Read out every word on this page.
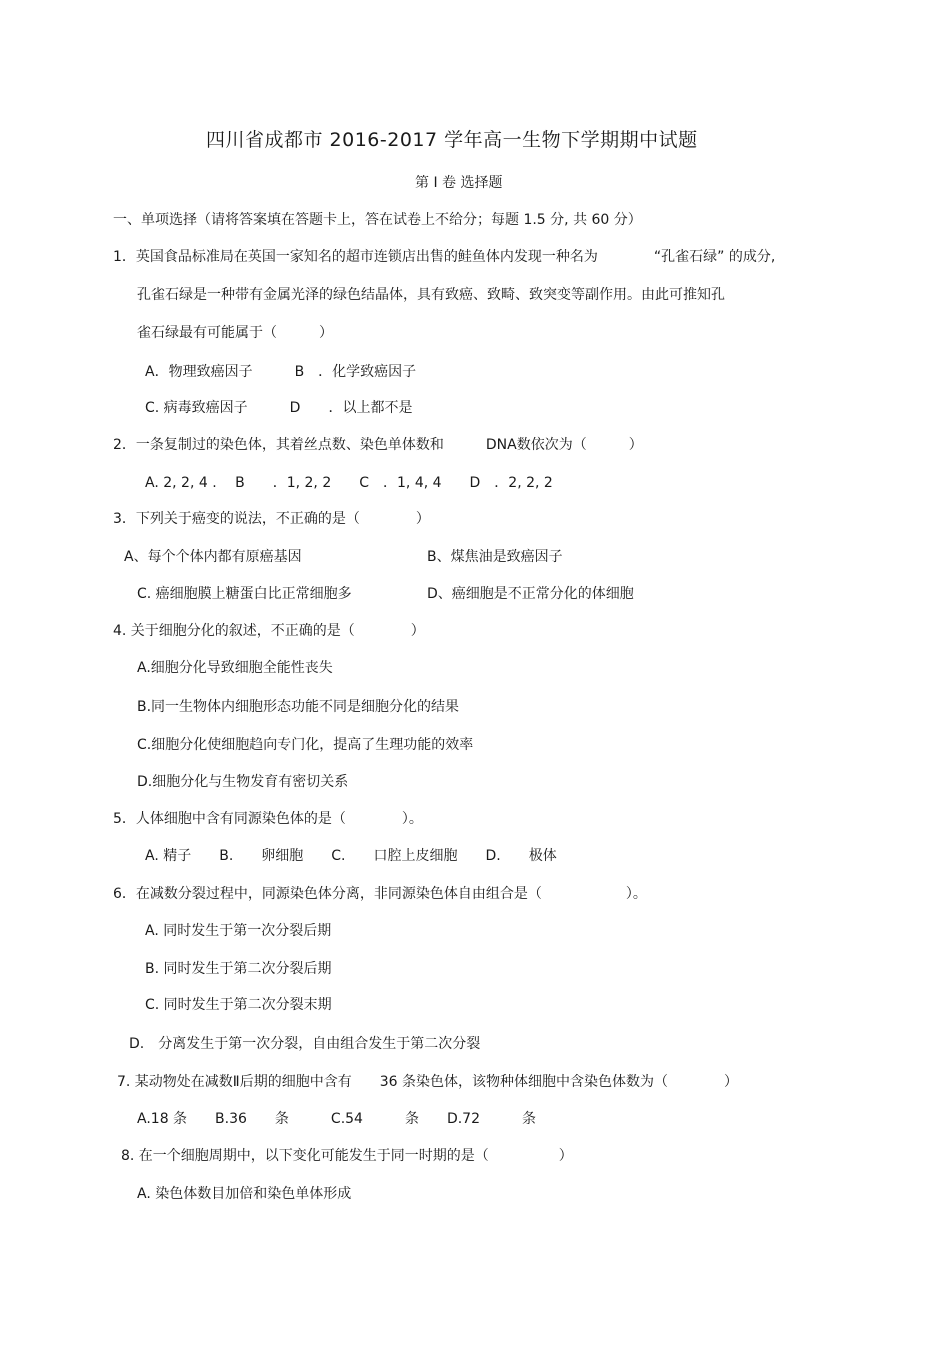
四川省成都市 2016-2017 学年高一生物下学期期中试题
第 I 卷 选择题
一、单项选择（请将答案填在答题卡上，答在试卷上不给分；每题 1.5 分, 共 60 分）
1．英国食品标准局在英国一家知名的超市连锁店出售的鲑鱼体内发现一种名为　　　　“孔雀石绿” 的成分,
孔雀石绿是一种带有金属光泽的绿色结晶体，具有致癌、致畸、致突变等副作用。由此可推知孔
雀石绿最有可能属于（　　　）
A．物理致癌因子　　　B　．化学致癌因子
C. 病毒致癌因子　　　D　　．以上都不是
2．一条复制过的染色体，其着丝点数、染色单体数和　　　DNA数依次为（　　　）
A. 2, 2, 4 .　 B　　．1, 2, 2　　C　．1, 4, 4　　D　．2, 2, 2
3．下列关于癌变的说法，不正确的是（　　　　）
A、每个个体内都有原癌基因	B、煤焦油是致癌因子
C. 癌细胞膜上糖蛋白比正常细胞多	D、癌细胞是不正常分化的体细胞
4. 关于细胞分化的叙述，不正确的是（　　　　）
A.细胞分化导致细胞全能性丧失
B.同一生物体内细胞形态功能不同是细胞分化的结果
C.细胞分化使细胞趋向专门化，提高了生理功能的效率
D.细胞分化与生物发育有密切关系
5．人体细胞中含有同源染色体的是（　　　　）。
A. 精子　　B.　　卵细胞　　C.　　口腔上皮细胞　　D.　　极体
6．在减数分裂过程中，同源染色体分离，非同源染色体自由组合是（　　　　　　）。
A. 同时发生于第一次分裂后期
B. 同时发生于第二次分裂后期
C. 同时发生于第二次分裂末期
D.　分离发生于第一次分裂，自由组合发生于第二次分裂
7. 某动物处在减数Ⅱ后期的细胞中含有　　36 条染色体，该物种体细胞中含染色体数为（　　　　）
A.18 条　　B.36　　条　　　C.54　　　条　　D.72　　　条
8. 在一个细胞周期中，以下变化可能发生于同一时期的是（　　　　　）
A. 染色体数目加倍和染色单体形成
